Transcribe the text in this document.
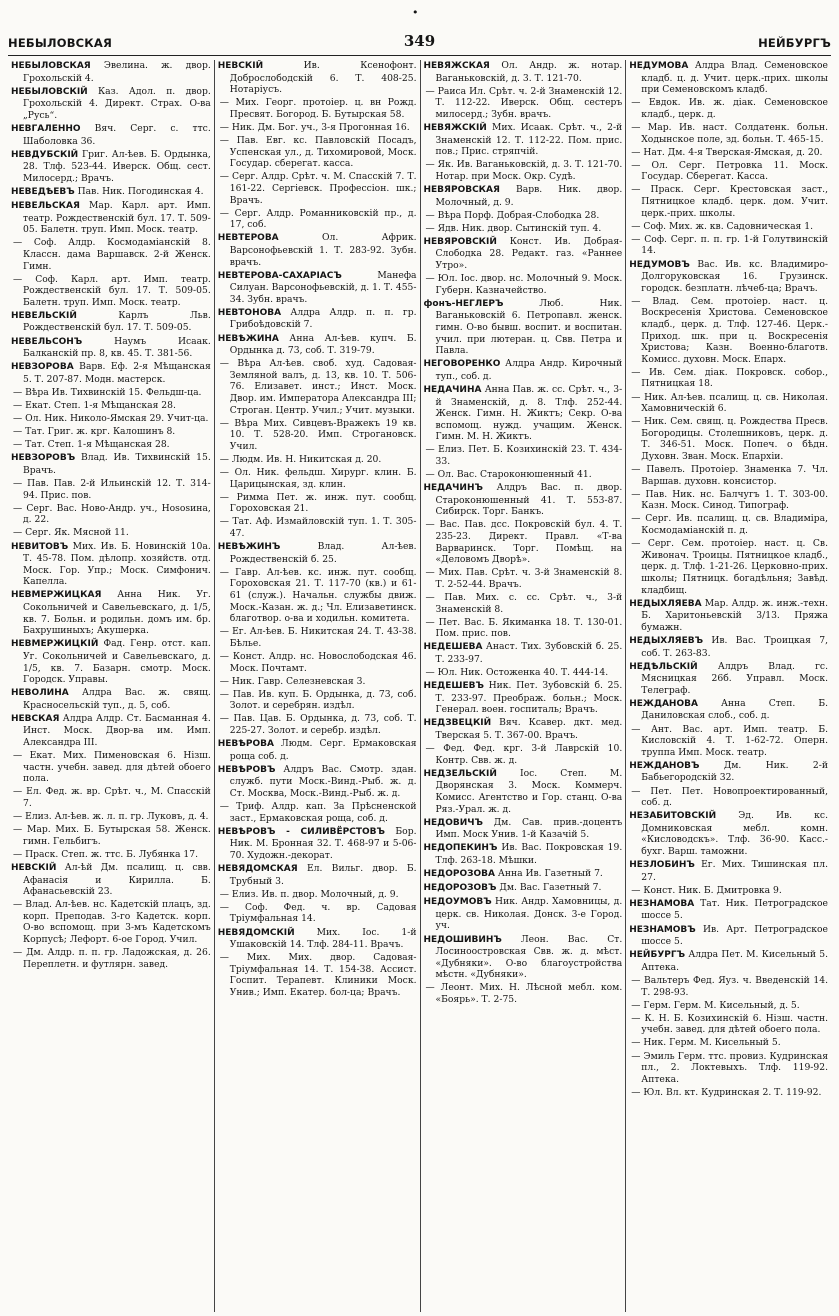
•
НЕБЫЛОВСКАЯ	349	НЕЙБУРГЪ
НЕБЫЛОВСКАЯ Эвелина. ж. двор. Грохольскій 4.
НЕБЫЛОВСКІЙ Каз. Адол. п. двор. Грохольскій 4. Директ. Страх. О-ва „Русь“.
НЕВГАЛЕННО Вяч. Серг. с. ттс. Шаболовка 36.
НЕВДУБСКІЙ Григ. Ал-ѣев. Б. Ордынка, 28. Тлф. 523-44. Иверск. Общ. сест. Милосерд.; Врачъ.
НЕВЕДѢЕВЪ Пав. Ник. Погодинская 4.
НЕВЕЛЬСКАЯ Мар. Карл. арт. Имп. театр. Рождественскій бул. 17. Т. 509-05. Балетн. труп. Имп. Моск. театр.
— Соф. Алдр. Космодаміанскій 8. Классн. дама Варшавск. 2-й Женск. Гимн.
— Соф. Карл. арт. Имп. театр. Рождественскій бул. 17. Т. 509-05. Балетн. труп. Имп. Моск. театр.
НЕВЕЛЬСКІЙ Карлъ Льв. Рождественскій бул. 17. Т. 509-05.
НЕВЕЛЬСОНЪ Наумъ Исаак. Балканскій пр. 8, кв. 45. Т. 381-56.
НЕВЗОРОВА Варв. Еф. 2-я Мѣщанская 5. Т. 207-87. Модн. мастерск.
— Вѣра Ив. Тихвинскій 15. Фельдш-ца.
— Екат. Степ. 1-я Мѣщанская 28.
— Ол. Ник. Николо-Ямская 29. Учит-ца.
— Тат. Григ. ж. крг. Калошинъ 8.
— Тат. Степ. 1-я Мѣщанская 28.
НЕВЗОРОВЪ Влад. Ив. Тихвинскій 15. Врачъ.
— Пав. Пав. 2-й Ильинскій 12. Т. 314-94. Прис. пов.
— Серг. Вас. Ново-Андр. уч., Нososина, д. 22.
— Серг. Як. Мясной 11.
НЕВИТОВЪ Мих. Ив. Б. Новинскій 10а. Т. 45-78. Пом. дѣлопр. хозяйств. отд. Моск. Гор. Упр.; Моск. Симфонич. Капелла.
НЕВМЕРЖИЦКАЯ Анна Ник. Уг. Сокольничей и Савельевскаго, д. 1/5, кв. 7. Больн. и родильн. домъ им. бр. Бахрушиныхъ; Акушерка.
НЕВМЕРЖИЦКІЙ Фад. Генр. отст. кап. Уг. Сокольничей и Савельевскаго, д. 1/5, кв. 7. Базарн. смотр. Моск. Городск. Управы.
НЕВОЛИНА Алдра Вас. ж. свящ. Красносельскій туп., д. 5, соб.
НЕВСКАЯ Алдра Алдр. Ст. Басманная 4. Инст. Моск. Двор-ва им. Имп. Александра III.
— Екат. Мих. Пименовская 6. Нiзш. частн. учебн. завед. для дѣтей обоего пола.
— Ел. Фед. ж. вр. Срѣт. ч., М. Спасскій 7.
— Елиз. Ал-ѣев. ж. л. п. гр. Луковъ, д. 4.
— Мар. Мих. Б. Бутырская 58. Женск. гимн. Гельбигъ.
— Праск. Степ. ж. ттс. Б. Лубянка 17.
НЕВСКІЙ Ал-ѣй Дм. псалищ. ц. свв. Афанасія и Кирилла. Б. Афанасьевскій 23.
— Влад. Ал-ѣев. нс. Кадетскій плацъ, зд. корп. Преподав. 3-го Кадетск. корп. О-во вспомощ. при 3-мъ Кадетскомъ Корпусѣ; Лефорт. 6-ое Город. Учил.
— Дм. Алдр. п. п. гр. Ладожская, д. 26. Переплетн. и футлярн. завед.
НЕВСКІЙ Ив. Ксенофонт. Доброслободскій 6. Т. 408-25. Нотаріусъ.
— Мих. Георг. протоіер. ц. вн Рожд. Пресвят. Богород. Б. Бутырская 58.
— Ник. Дм. Бог. уч., 3-я Прогонная 16.
— Пав. Евг. кс. Павловскій Посадъ, Успенская ул., д. Тихомировой, Моск. Государ. сберегат. касса.
— Серг. Алдр. Срѣт. ч. М. Спасскій 7. Т. 161-22. Сергіевск. Профессіон. шк.; Врачъ.
— Серг. Алдр. Романниковскій пр., д. 17, соб.
НЕВТЕРОВА Ол. Африк. Варсонофьевскій 1. Т. 283-92. Зубн. врачъ.
НЕВТЕРОВА-САХАРІАСЪ Манефа Силуан. Варсонофьевскій, д. 1. Т. 455-34. Зубн. врачъ.
НЕВТОНОВА Алдра Алдр. п. п. гр. Грибоѣдовскій 7.
НЕВѢЖИНА Анна Ал-ѣев. купч. Б. Ордынка д. 73, соб. Т. 319-79.
— Вѣра Ал-ѣев. своб. худ. Садовая-Земляной валъ, д. 13, кв. 10. Т. 506-76. Елизавет. инст.; Инст. Моск. Двор. им. Императора Александра III; Строган. Центр. Учил.; Учит. музыки.
— Вѣра Мих. Сивцевъ-Вражекъ 19 кв. 10. Т. 528-20. Имп. Строгановск. Учил.
— Людм. Ив. Н. Никитская д. 20.
— Ол. Ник. фельдш. Хирург. клин. Б. Царицынская, зд. клин.
— Римма Пет. ж. инж. пут. сообщ. Гороховская 21.
— Тат. Аф. Измайловскій туп. 1. Т. 305-47.
НЕВѢЖИНЪ Влад. Ал-ѣев. Рождественскій б. 25.
— Гавр. Ал-ѣев. кс. инж. пут. сообщ. Гороховская 21. Т. 117-70 (кв.) и 61-61 (служ.). Начальн. службы движ. Моск.-Казан. ж. д.; Чл. Елизаветинск. благотвор. о-ва и ходильн. комитета.
— Ег. Ал-ѣев. Б. Никитская 24. Т. 43-38. Бѣлье.
— Конст. Алдр. нс. Новослободская 46. Моск. Почтамт.
— Ник. Гавр. Селезневская 3.
— Пав. Ив. куп. Б. Ордынка, д. 73, соб. Золот. и серебрян. издѣл.
— Пав. Цав. Б. Ордынка, д. 73, соб. Т. 225-27. Золот. и серебр. издѣл.
НЕВѢРОВА Людм. Серг. Ермаковская роща соб. д.
НЕВѢРОВЪ Алдръ Вас. Смотр. здан. служб. пути Моск.-Винд.-Рыб. ж. д. Ст. Москва, Моск.-Винд.-Рыб. ж. д.
— Триф. Алдр. кап. За Прѣсненской заст., Ермаковская роща, соб. д.
НЕВѢРОВЪ - СИЛИВЁРСТОВЪ Бор. Ник. М. Бронная 32. Т. 468-97 и 5-06-70. Художн.-декорат.
НЕВЯДОМСКАЯ Ел. Вильг. двор. Б. Трубный 3.
— Елиз. Ив. п. двор. Молочный, д. 9.
— Соф. Фед. ч. вр. Садовая Тріумфальная 14.
НЕВЯДОМСКІЙ Мих. Іос. 1-й Ушаковскій 14. Тлф. 284-11. Врачъ.
— Мих. Мих. двор. Садовая-Тріумфальная 14. Т. 154-38. Ассист. Госпит. Терапевт. Клиники Моск. Унив.; Имп. Екатер. бол-ца; Врачъ.
НЕВЯЖСКАЯ Ол. Андр. ж. нотар. Ваганьковскій, д. 3. Т. 121-70.
— Раиса Ил. Срѣт. ч. 2-й Знаменскій 12. Т. 112-22. Иверск. Общ. сестеръ милосерд.; Зубн. врачъ.
НЕВЯЖСКІЙ Мих. Исаак. Срѣт. ч., 2-й Знаменскій 12. Т. 112-22. Пом. прис. пов.; Прис. стряпчій.
— Як. Ив. Ваганьковскій, д. 3. Т. 121-70. Нотар. при Моск. Окр. Судѣ.
НЕВЯРОВСКАЯ Варв. Ник. двор. Молочный, д. 9.
— Вѣра Порф. Добрая-Слободка 28.
— Ядв. Ник. двор. Сытинскій туп. 4.
НЕВЯРОВСКІЙ Конст. Ив. Добрая-Слободка 28. Редакт. газ. «Раннее Утро».
— Юл. Іос. двор. нс. Молочный 9. Моск. Губерн. Казначейство.
фонъ-НЕГЛЕРЪ Люб. Ник. Ваганьковскій 6. Петропавл. женск. гимн. О-во бывш. воспит. и воспитан. учил. при лютеран. ц. Свв. Петра и Павла.
НЕГОВОРЕНКО Алдра Андр. Кирочный туп., соб. д.
НЕДАЧИНА Анна Пав. ж. сс. Срѣт. ч., 3-й Знаменскій, д. 8. Тлф. 252-44. Женск. Гимн. Н. Жиктъ; Секр. О-ва вспомощ. нужд. учащим. Женск. Гимн. М. Н. Жиктъ.
— Елиз. Пет. Б. Козихинскій 23. Т. 434-33.
— Ол. Вас. Староконюшенный 41.
НЕДАЧИНЪ Алдръ Вас. п. двор. Староконюшенный 41. Т. 553-87. Сибирск. Торг. Банкъ.
— Вас. Пав. дсс. Покровскій бул. 4. Т. 235-23. Директ. Правл. «Т-ва Варваринск. Торг. Помѣщ. на «Деловомъ Дворѣ».
— Мих. Пав. Срѣт. ч. 3-й Знаменскій 8. Т. 2-52-44. Врачъ.
— Пав. Мих. с. сс. Срѣт. ч., 3-й Знаменскій 8.
— Пет. Вас. Б. Якиманка 18. Т. 130-01. Пом. прис. пов.
НЕДЕШЕВА Анаст. Тих. Зубовскій б. 25. Т. 233-97.
— Юл. Ник. Остоженка 40. Т. 444-14.
НЕДЕШЕВЪ Ник. Пет. Зубовскій б. 25. Т. 233-97. Преображ. больн.; Моск. Генерал. воен. госпиталь; Врачъ.
НЕДЗВЕЦКІЙ Вяч. Ксавер. дкт. мед. Тверская 5. Т. 367-00. Врачъ.
— Фед. Фед. крг. 3-й Лаврскій 10. Контр. Свв. ж. д.
НЕДЗЕЛЬСКІЙ Іос. Степ. М. Дворянская 3. Моск. Коммерч. Комисс. Агентство и Гор. станц. О-ва Ряз.-Урал. ж. д.
НЕДОВИЧЪ Дм. Сав. прив.-доцентъ Имп. Моск Унив. 1-й Казачій 5.
НЕДОПЕКИНЪ Ив. Вас. Покровская 19. Тлф. 263-18. Мѣшки.
НЕДОРОЗОВА Анна Ив. Газетный 7.
НЕДОРОЗОВЪ Дм. Вас. Газетный 7.
НЕДОУМОВЪ Ник. Андр. Хамовницы, д. церк. св. Николая. Донск. 3-е Город. уч.
НЕДОШИВИНЪ Леон. Вас. Ст. Лосиноостровская Свв. ж. д. мѣст. «Дубняки». О-во благоустройства мѣстн. «Дубняки».
— Леонт. Мих. Н. Лѣсной мебл. ком. «Боярь». Т. 2-75.
НЕДУМОВА Алдра Влад. Семеновское кладб. ц. д. Учит. церк.-прих. школы при Семеновскомъ кладб.
— Евдок. Ив. ж. діак. Семеновское кладб., церк. д.
— Мар. Ив. наст. Солдатенк. больн. Ходынское поле, зд. больн. Т. 465-15.
— Нат. Дм. 4-я Тверская-Ямская, д. 20.
— Ол. Серг. Петровка 11. Моск. Государ. Сберегат. Касса.
— Праск. Серг. Крестовская заст., Пятницкое кладб. церк. дом. Учит. церк.-прих. школы.
— Соф. Мих. ж. кв. Садовническая 1.
— Соф. Серг. п. п. гр. 1-й Голутвинскій 14.
НЕДУМОВЪ Вас. Ив. кс. Владимиро-Долгоруковская 16. Грузинск. городск. безплатн. лѣчеб-ца; Врачъ.
— Влад. Сем. протоіер. наст. ц. Воскресенія Христова. Семеновское кладб., церк. д. Тлф. 127-46. Церк.-Приход. шк. при ц. Воскресенія Христова; Казн. Военно-благотв. Комисс. духовн. Моск. Епарх.
— Ив. Сем. діак. Покровск. собор., Пятницкая 18.
— Ник. Ал-ѣев. псалищ. ц. св. Николая. Хамовническій 6.
— Ник. Сем. свящ. ц. Рождества Пресв. Богородицы. Столешниковъ, церк. д. Т. 346-51. Моск. Попеч. о бѣдн. Духовн. Зван. Моск. Епархіи.
— Павелъ. Протоіер. Знаменка 7. Чл. Варшав. духовн. консистор.
— Пав. Ник. нс. Балчугъ 1. Т. 303-00. Казн. Моск. Синод. Типограф.
— Серг. Ив. псалищ. ц. св. Владиміра, Космодаміанскій п. д.
— Серг. Сем. протоіер. наст. ц. Св. Живонач. Троицы. Пятницкое кладб., церк. д. Тлф. 1-21-26. Церковно-прих. школы; Пятницк. богадѣльня; Завѣд. кладбищ.
НЕДЫХЛЯЕВА Мар. Алдр. ж. инж.-техн. Б. Харитоньевскій 3/13. Пряжа бумажн.
НЕДЫХЛЯЕВЪ Ив. Вас. Троицкая 7, соб. Т. 263-83.
НЕДѢЛЬСКІЙ Алдръ Влад. гс. Мясницкая 26б. Управл. Моск. Телеграф.
НЕЖДАНОВА Анна Степ. Б. Даниловская слоб., соб. д.
— Ант. Вас. арт. Имп. театр. Б. Кисловскій 4. Т. 1-62-72. Оперн. труппа Имп. Моск. театр.
НЕЖДАНОВЪ Дм. Ник. 2-й Бабьегородскій 32.
— Пет. Пет. Новопроектированный, соб. д.
НЕЗАБИТОВСКІЙ Эд. Ив. кс. Домниковская мебл. комн. «Кисловодскъ». Тлф. 36-90. Касс.-бухг. Варш. таможни.
НЕЗЛОБИНЪ Ег. Мих. Тишинская пл. 27.
— Конст. Ник. Б. Дмитровка 9.
НЕЗНАМОВА Тат. Ник. Петроградское шоссе 5.
НЕЗНАМОВЪ Ив. Арт. Петроградское шоссе 5.
НЕЙБУРГЪ Алдра Пет. М. Кисельный 5. Аптека.
— Вальтеръ Фед. Яуз. ч. Введенскій 14. Т. 298-93.
— Герм. Герм. М. Кисельный, д. 5.
— К. Н. Б. Козихинскій 6. Нiзш. частн. учебн. завед. для дѣтей обоего пола.
— Ник. Герм. М. Кисельный 5.
— Эмиль Герм. ттс. провиз. Кудринская пл., 2. Локтевыхъ. Тлф. 119-92. Аптека.
— Юл. Вл. кт. Кудринская 2. Т. 119-92.
